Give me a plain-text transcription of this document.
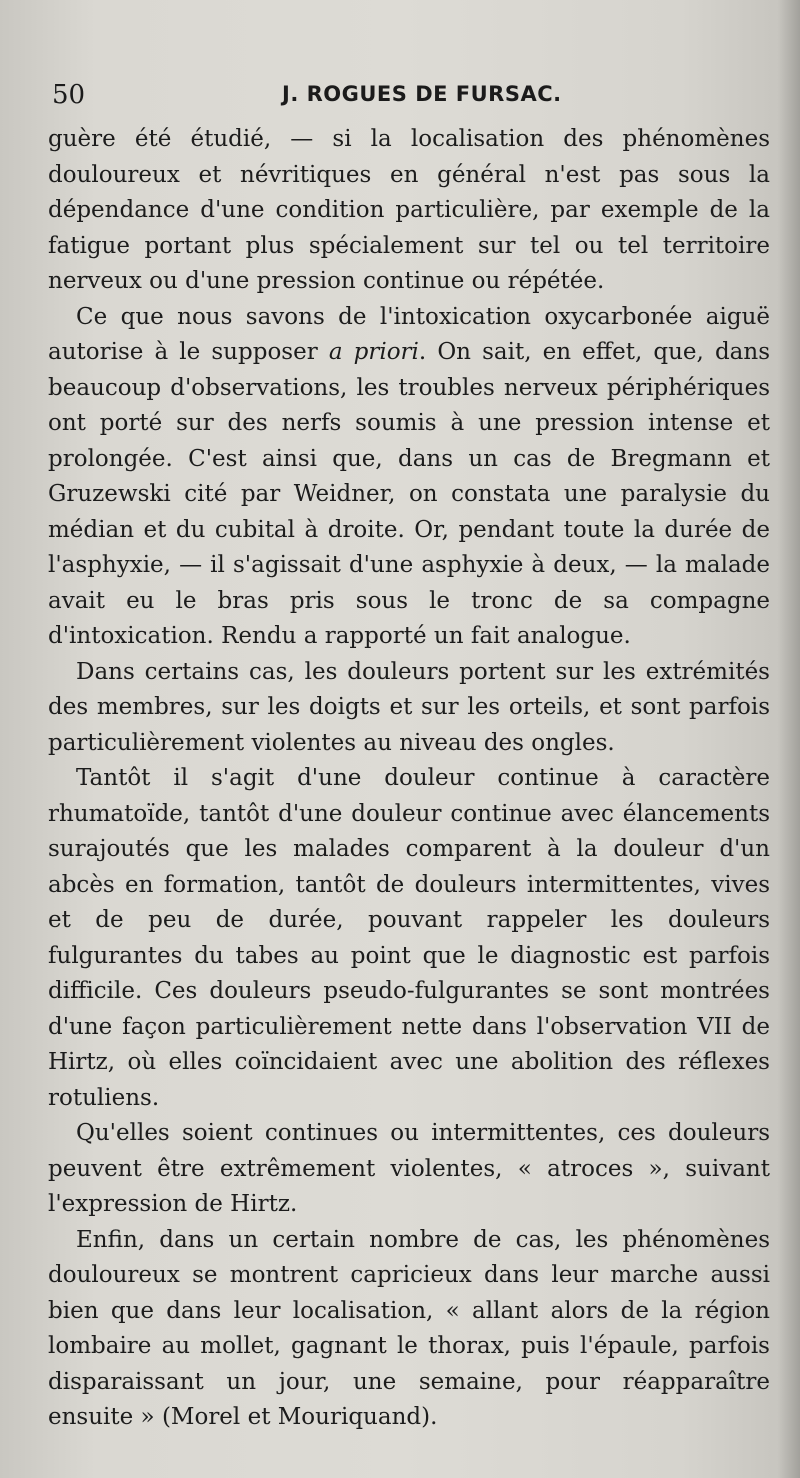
50	J. ROGUES DE FURSAC.

guère été étudié, — si la localisation des phénomènes douloureux et névritiques en général n'est pas sous la dépendance d'une condition particulière, par exemple de la fatigue portant plus spécialement sur tel ou tel territoire nerveux ou d'une pression continue ou répétée.

Ce que nous savons de l'intoxication oxycarbonée aiguë autorise à le supposer a priori. On sait, en effet, que, dans beaucoup d'observations, les troubles nerveux périphériques ont porté sur des nerfs soumis à une pression intense et prolongée. C'est ainsi que, dans un cas de Bregmann et Gruzewski cité par Weidner, on constata une paralysie du médian et du cubital à droite. Or, pendant toute la durée de l'asphyxie, — il s'agissait d'une asphyxie à deux, — la malade avait eu le bras pris sous le tronc de sa compagne d'intoxication. Rendu a rapporté un fait analogue.

Dans certains cas, les douleurs portent sur les extrémités des membres, sur les doigts et sur les orteils, et sont parfois particulièrement violentes au niveau des ongles.

Tantôt il s'agit d'une douleur continue à caractère rhumatoïde, tantôt d'une douleur continue avec élancements surajoutés que les malades comparent à la douleur d'un abcès en formation, tantôt de douleurs intermittentes, vives et de peu de durée, pouvant rappeler les douleurs fulgurantes du tabes au point que le diagnostic est parfois difficile. Ces douleurs pseudo-fulgurantes se sont montrées d'une façon particulièrement nette dans l'observation VII de Hirtz, où elles coïncidaient avec une abolition des réflexes rotuliens.

Qu'elles soient continues ou intermittentes, ces douleurs peuvent être extrêmement violentes, « atroces », suivant l'expression de Hirtz.

Enfin, dans un certain nombre de cas, les phénomènes douloureux se montrent capricieux dans leur marche aussi bien que dans leur localisation, « allant alors de la région lombaire au mollet, gagnant le thorax, puis l'épaule, parfois disparaissant un jour, une semaine, pour réapparaître ensuite » (Morel et Mouriquand).
